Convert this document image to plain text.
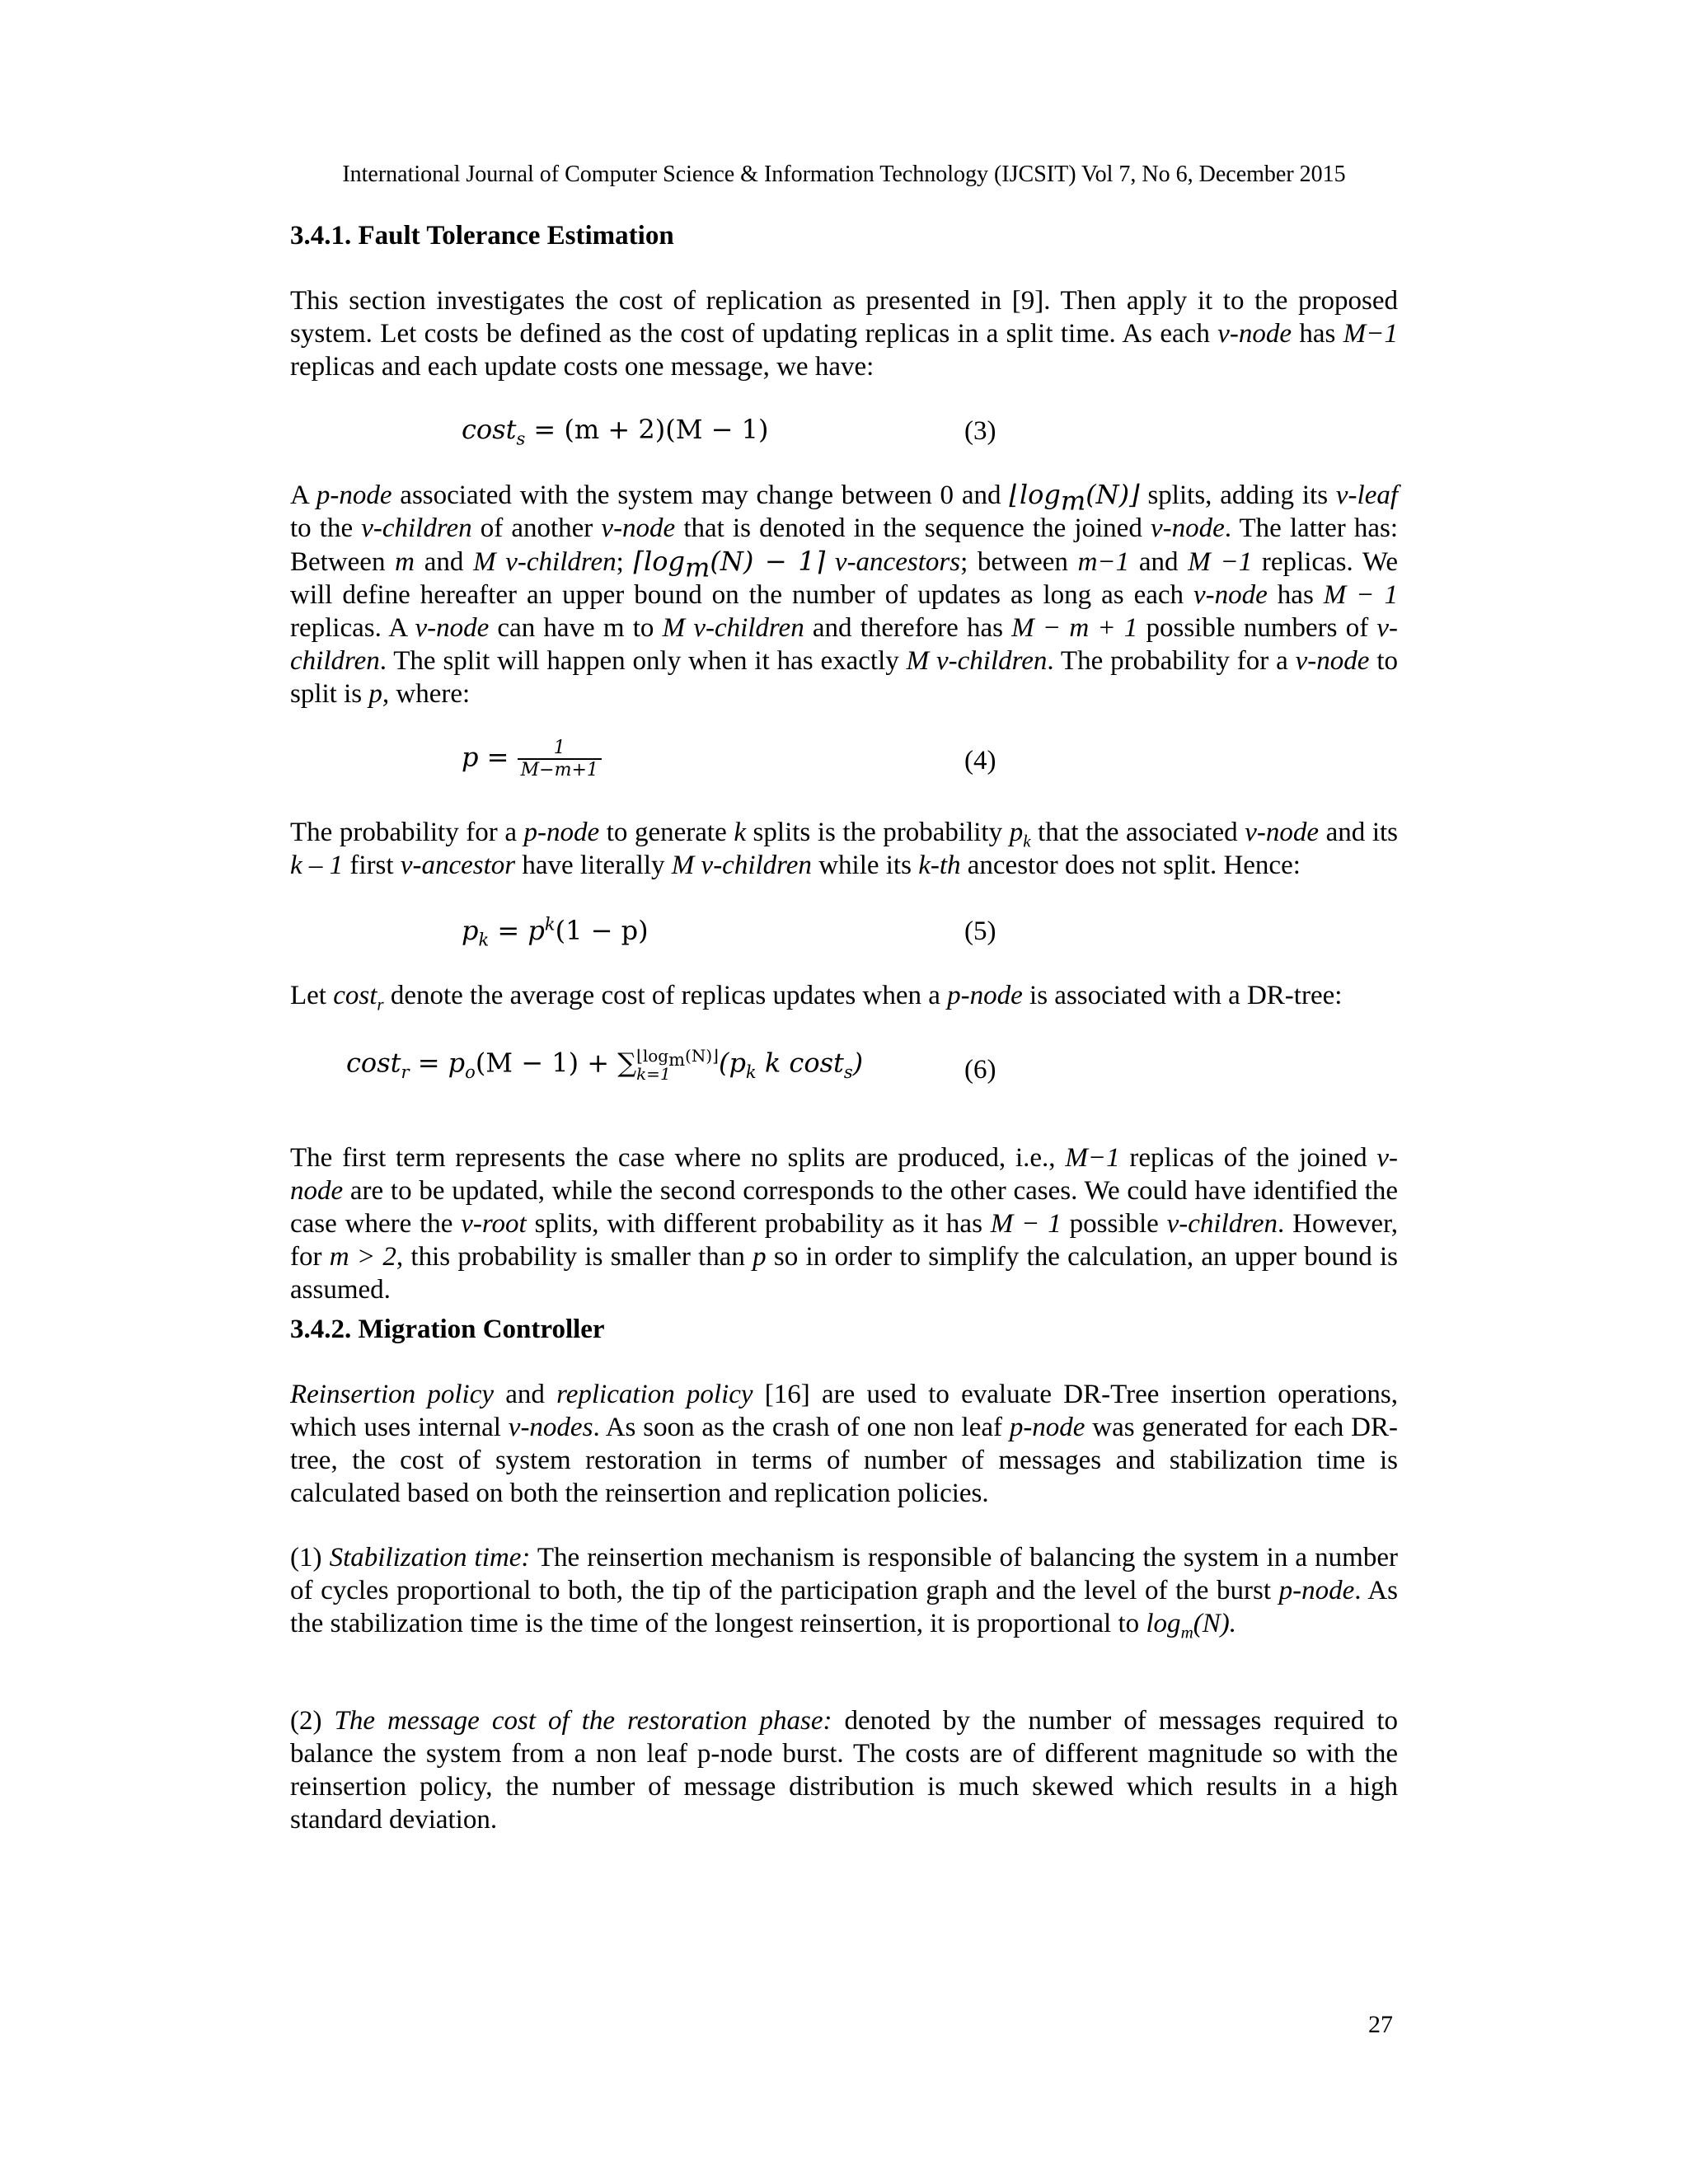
International Journal of Computer Science & Information Technology (IJCSIT) Vol 7, No 6, December 2015
3.4.1. Fault Tolerance Estimation
This section investigates the cost of replication as presented in [9]. Then apply it to the proposed system. Let costs be defined as the cost of updating replicas in a split time. As each v-node has M−1 replicas and each update costs one message, we have:
cost$_s$ = (m + 2)(M − 1)	(3)
A p-node associated with the system may change between 0 and $⌊\log_m(N)⌋$ splits, adding its v-leaf to the v-children of another v-node that is denoted in the sequence the joined v-node. The latter has: Between m and M v-children; $⌈\log_m(N)$ − 1⌉ v-ancestors; between m−1 and M −1 replicas. We will define hereafter an upper bound on the number of updates as long as each v-node has M − 1 replicas. A v-node can have m to M v-children and therefore has M − m + 1 possible numbers of v-children. The split will happen only when it has exactly M v-children. The probability for a v-node to split is p, where:
$p = \frac{1}{M-m+1}$	(4)
The probability for a p-node to generate k splits is the probability $p_k$ that the associated v-node and its k – 1 first v-ancestor have literally M v-children while its k-th ancestor does not split. Hence:
$p_k = p^k(1 - p)$	(5)
Let cost$_r$ denote the average cost of replicas updates when a p-node is associated with a DR-tree:
$\cos t_r = p_o(M - 1)$ + ∑ $⌊\log_m(N)⌋$
k=1	($p_k$ k cost$_s$)	(6)
The first term represents the case where no splits are produced, i.e., M−1 replicas of the joined v-node are to be updated, while the second corresponds to the other cases. We could have identified the case where the v-root splits, with different probability as it has M − 1 possible v-children. However, for m > 2, this probability is smaller than p so in order to simplify the calculation, an upper bound is assumed.
3.4.2. Migration Controller
Reinsertion policy and replication policy [16] are used to evaluate DR-Tree insertion operations, which uses internal v-nodes. As soon as the crash of one non leaf p-node was generated for each DR-tree, the cost of system restoration in terms of number of messages and stabilization time is calculated based on both the reinsertion and replication policies.
(1) Stabilization time: The reinsertion mechanism is responsible of balancing the system in a number of cycles proportional to both, the tip of the participation graph and the level of the burst p-node. As the stabilization time is the time of the longest reinsertion, it is proportional to $\log_m(N)$.
(2) The message cost of the restoration phase: denoted by the number of messages required to balance the system from a non leaf p-node burst. The costs are of different magnitude so with the reinsertion policy, the number of message distribution is much skewed which results in a high standard deviation.
27
